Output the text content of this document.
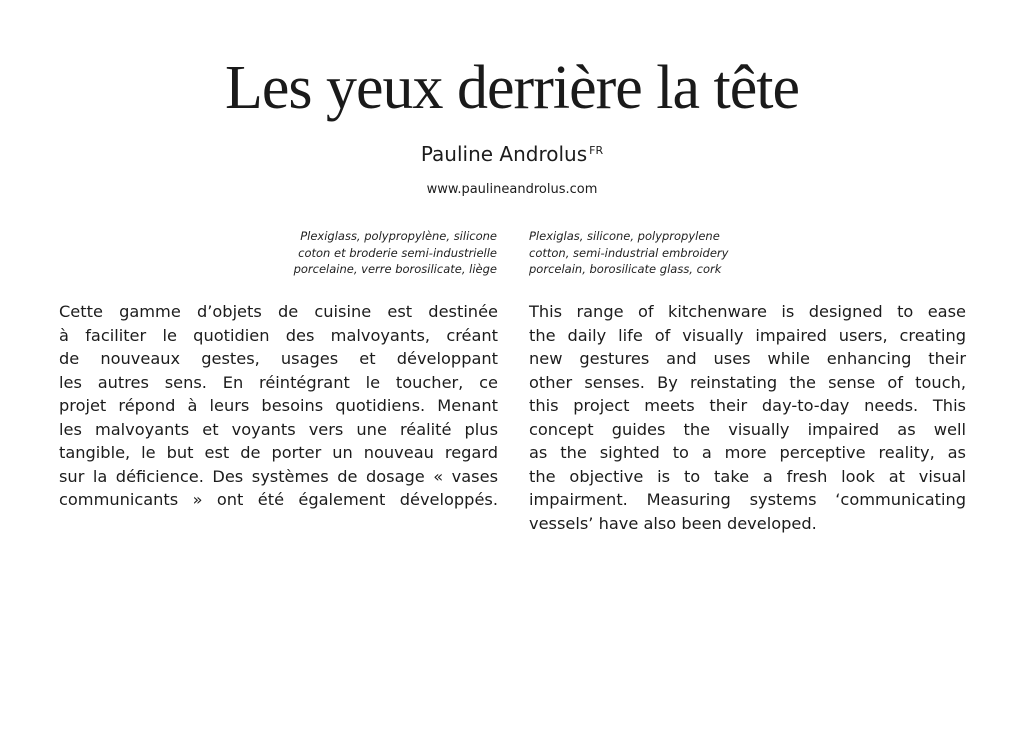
Les yeux derrière la tête
Pauline Androlus $^{FR}$
www.paulineandrolus.com
Plexiglass, polypropylène, silicone
coton et broderie semi-industrielle
porcelaine, verre borosilicate, liège
Plexiglas, silicone, polypropylene
cotton, semi-industrial embroidery
porcelain, borosilicate glass, cork
Cette gamme d’objets de cuisine est destinée
à faciliter le quotidien des malvoyants, créant
de nouveaux gestes, usages et développant
les autres sens. En réintégrant le toucher, ce
projet répond à leurs besoins quotidiens. Menant
les malvoyants et voyants vers une réalité plus
tangible, le but est de porter un nouveau regard
sur la déficience. Des systèmes de dosage « vases
communicants » ont été également développés.
This range of kitchenware is designed to ease
the daily life of visually impaired users, creating
new gestures and uses while enhancing their
other senses. By reinstating the sense of touch,
this project meets their day-to-day needs. This
concept guides the visually impaired as well
as the sighted to a more perceptive reality, as
the objective is to take a fresh look at visual
impairment. Measuring systems ‘communicating
vessels’ have also been developed.
